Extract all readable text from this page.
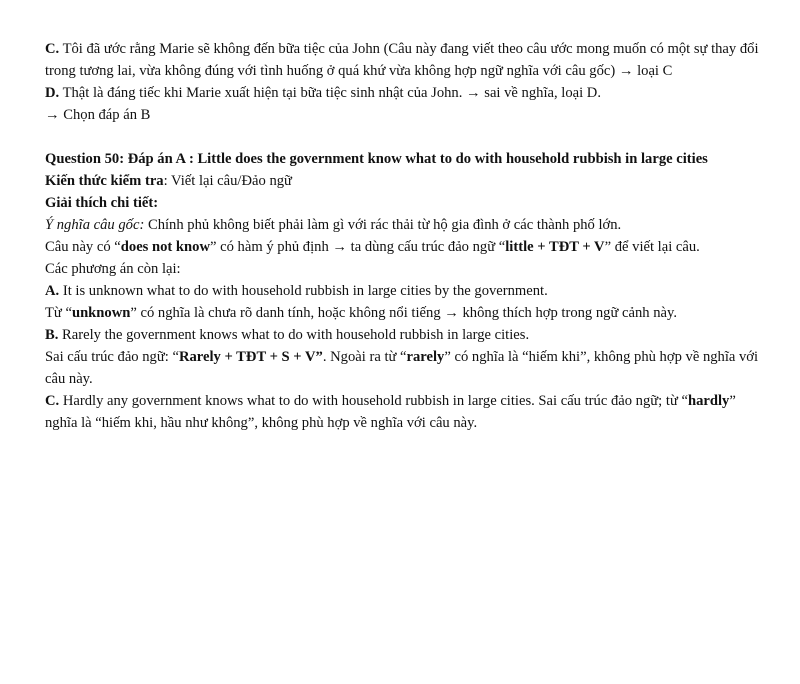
C. Tôi đã ước rằng Marie sẽ không đến bữa tiệc của John (Câu này đang viết theo câu ước mong muốn có một sự thay đổi trong tương lai, vừa không đúng với tình huống ở quá khứ vừa không hợp ngữ nghĩa với câu gốc) → loại C

D. Thật là đáng tiếc khi Marie xuất hiện tại bữa tiệc sinh nhật của John. → sai về nghĩa, loại D.

→ Chọn đáp án B

Question 50: Đáp án A : Little does the government know what to do with household rubbish in large cities

Kiến thức kiểm tra: Viết lại câu/Đảo ngữ

Giải thích chi tiết:

Ý nghĩa câu gốc: Chính phủ không biết phải làm gì với rác thải từ hộ gia đình ở các thành phố lớn.

Câu này có “does not know” có hàm ý phủ định → ta dùng cấu trúc đảo ngữ “little + TĐT + V” để viết lại câu.

Các phương án còn lại:

A. It is unknown what to do with household rubbish in large cities by the government.

Từ “unknown” có nghĩa là chưa rõ danh tính, hoặc không nổi tiếng → không thích hợp trong ngữ cảnh này.

B. Rarely the government knows what to do with household rubbish in large cities.

Sai cấu trúc đảo ngữ: “Rarely + TĐT + S + V”. Ngoài ra từ “rarely” có nghĩa là “hiếm khi”, không phù hợp về nghĩa với câu này.

C. Hardly any government knows what to do with household rubbish in large cities. Sai cấu trúc đảo ngữ; từ “hardly” nghĩa là “hiếm khi, hầu như không”, không phù hợp về nghĩa với câu này.
